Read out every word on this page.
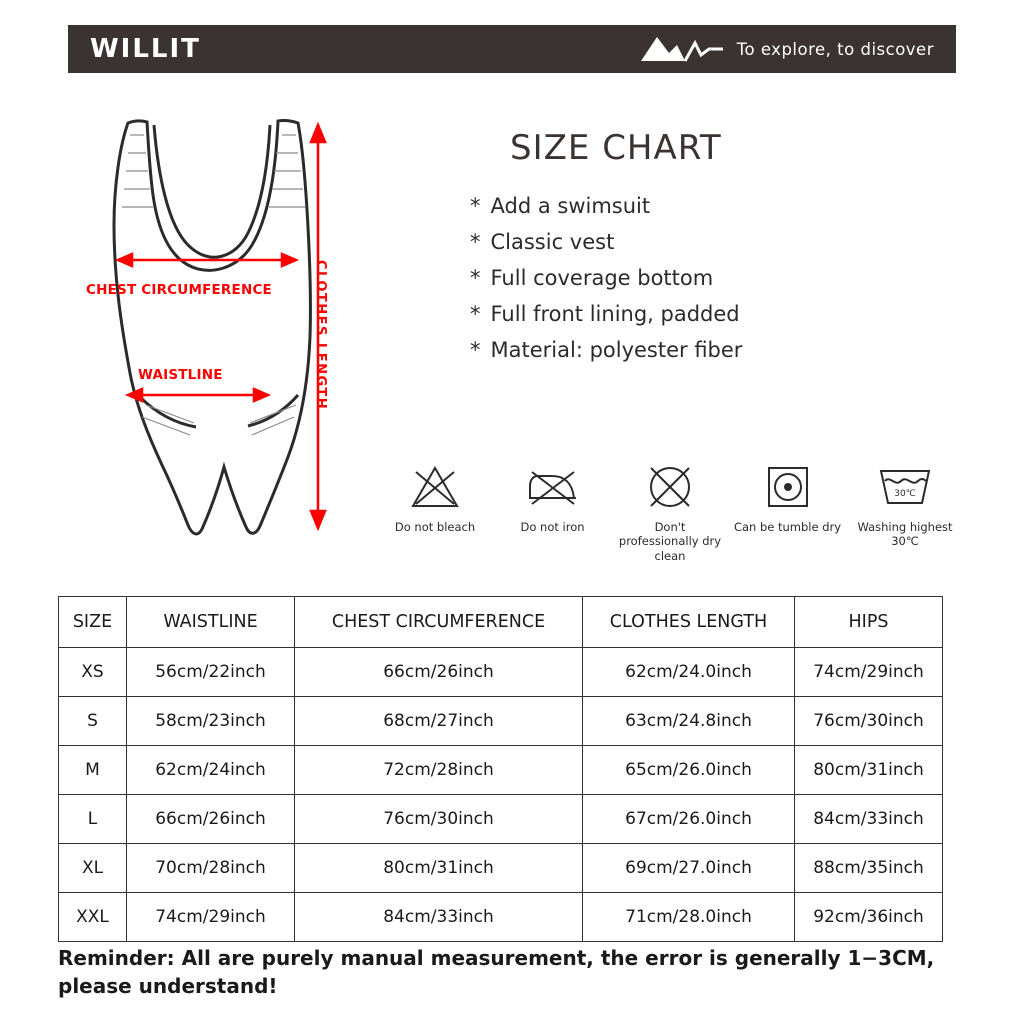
WILLIT	To explore, to discover
CHEST CIRCUMFERENCE
WAISTLINE	CLOTHES LENGTH
SIZE CHART
* Add a swimsuit
* Classic vest
* Full coverage bottom
* Full front lining, padded
* Material: polyester fiber
Do not bleach	Do not iron	Don't professionally dry clean
Can be tumble dry
30℃
Washing highest 30℃
SIZE	WAISTLINE	CHEST CIRCUMFERENCE	CLOTHES LENGTH	HIPS
XS	56cm/22inch	66cm/26inch	62cm/24.0inch	74cm/29inch
S	58cm/23inch	68cm/27inch	63cm/24.8inch	76cm/30inch
M	62cm/24inch	72cm/28inch	65cm/26.0inch	80cm/31inch
L	66cm/26inch	76cm/30inch	67cm/26.0inch	84cm/33inch
XL	70cm/28inch	80cm/31inch	69cm/27.0inch	88cm/35inch
XXL	74cm/29inch	84cm/33inch	71cm/28.0inch	92cm/36inch
Reminder: All are purely manual measurement, the error is generally 1−3CM, please understand!
